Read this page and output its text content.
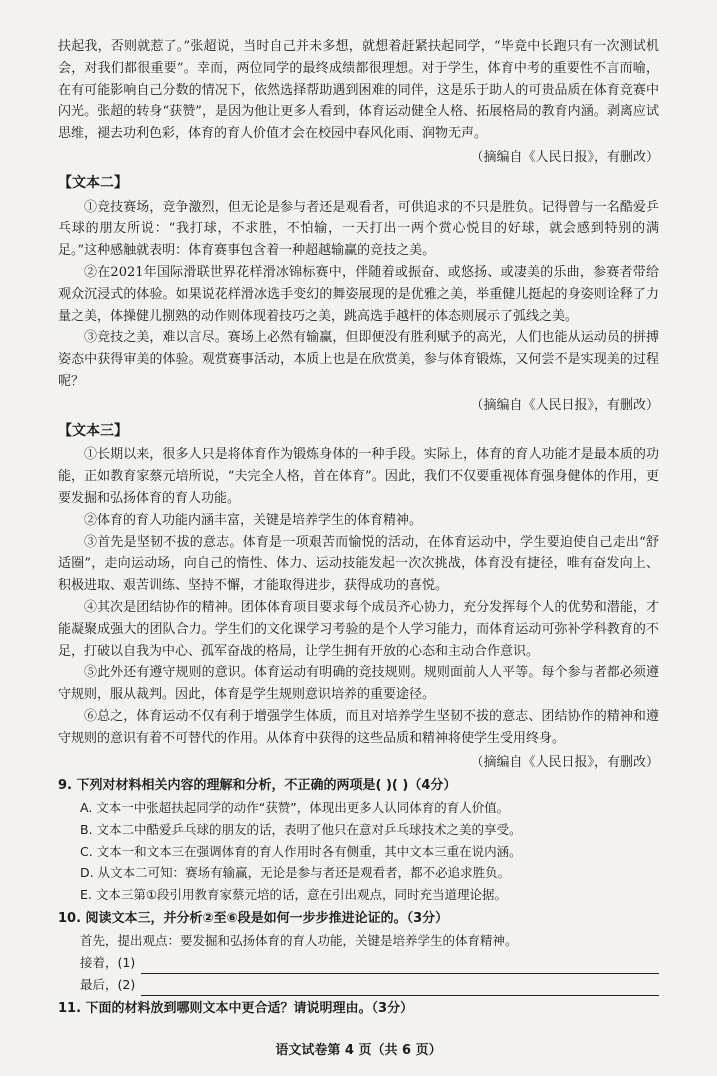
扶起我，否则就惹了。”张超说，当时自己并未多想，就想着赶紧扶起同学，“毕竟中长跑只有一次测试机会，对我们都很重要”。幸而，两位同学的最终成绩都很理想。对于学生，体育中考的重要性不言而喻，在有可能影响自己分数的情况下，依然选择帮助遇到困难的同伴，这是乐于助人的可贵品质在体育竞赛中闪光。张超的转身“获赞”，是因为他让更多人看到，体育运动健全人格、拓展格局的教育内涵。剥离应试思维，褪去功利色彩，体育的育人价值才会在校园中春风化雨、润物无声。

（摘编自《人民日报》，有删改）

【文本二】

①竞技赛场，竞争激烈，但无论是参与者还是观看者，可供追求的不只是胜负。记得曾与一名酷爱乒乓球的朋友所说：“我打球，不求胜，不怕输，一天打出一两个赏心悦目的好球，就会感到特别的满足。”这种感触就表明：体育赛事包含着一种超越输赢的竞技之美。

②在2021年国际滑联世界花样滑冰锦标赛中，伴随着或振奋、或悠扬、或凄美的乐曲，参赛者带给观众沉浸式的体验。如果说花样滑冰选手变幻的舞姿展现的是优雅之美，举重健儿挺起的身姿则诠释了力量之美，体操健儿捌熟的动作则体现着技巧之美，跳高选手越杆的体态则展示了弧线之美。

③竞技之美，难以言尽。赛场上必然有输赢，但即便没有胜利赋予的高光，人们也能从运动员的拼搏姿态中获得审美的体验。观赏赛事活动，本质上也是在欣赏美，参与体育锻炼，又何尝不是实现美的过程呢？

（摘编自《人民日报》，有删改）

【文本三】

①长期以来，很多人只是将体育作为锻炼身体的一种手段。实际上，体育的育人功能才是最本质的功能，正如教育家蔡元培所说，“夫完全人格，首在体育”。因此，我们不仅要重视体育强身健体的作用，更要发掘和弘扬体育的育人功能。

②体育的育人功能内涵丰富，关键是培养学生的体育精神。

③首先是坚韧不拔的意志。体育是一项艰苦而愉悦的活动，在体育运动中，学生要迫使自己走出“舒适圈”，走向运动场，向自己的惰性、体力、运动技能发起一次次挑战，体育没有捷径，唯有奋发向上、积极进取、艰苦训练、坚持不懈，才能取得进步，获得成功的喜悦。

④其次是团结协作的精神。团体体育项目要求每个成员齐心协力，充分发挥每个人的优势和潜能，才能凝聚成强大的团队合力。学生们的文化课学习考验的是个人学习能力，而体育运动可弥补学科教育的不足，打破以自我为中心、孤军奋战的格局，让学生拥有开放的心态和主动合作意识。

⑤此外还有遵守规则的意识。体育运动有明确的竞技规则。规则面前人人平等。每个参与者都必须遵守规则，服从裁判。因此，体育是学生规则意识培养的重要途径。

⑥总之，体育运动不仅有利于增强学生体质，而且对培养学生坚韧不拔的意志、团结协作的精神和遵守规则的意识有着不可替代的作用。从体育中获得的这些品质和精神将使学生受用终身。

（摘编自《人民日报》，有删改）

9. 下列对材料相关内容的理解和分析，不正确的两项是( )( )（4分）
A. 文本一中张超扶起同学的动作“获赞”，体现出更多人认同体育的育人价值。
B. 文本二中酷爱乒乓球的朋友的话，表明了他只在意对乒乓球技术之美的享受。
C. 文本一和文本三在强调体育的育人作用时各有侧重，其中文本三重在说内涵。
D. 从文本二可知：赛场有输赢，无论是参与者还是观看者，都不必追求胜负。
E. 文本三第①段引用教育家蔡元培的话，意在引出观点，同时充当道理论据。
10. 阅读文本三，并分析②至⑥段是如何一步步推进论证的。（3分）
首先，提出观点：要发掘和弘扬体育的育人功能，关键是培养学生的体育精神。
接着，(1)
最后，(2)
11. 下面的材料放到哪则文本中更合适？请说明理由。（3分）
语文试卷第 4 页（共 6 页）
